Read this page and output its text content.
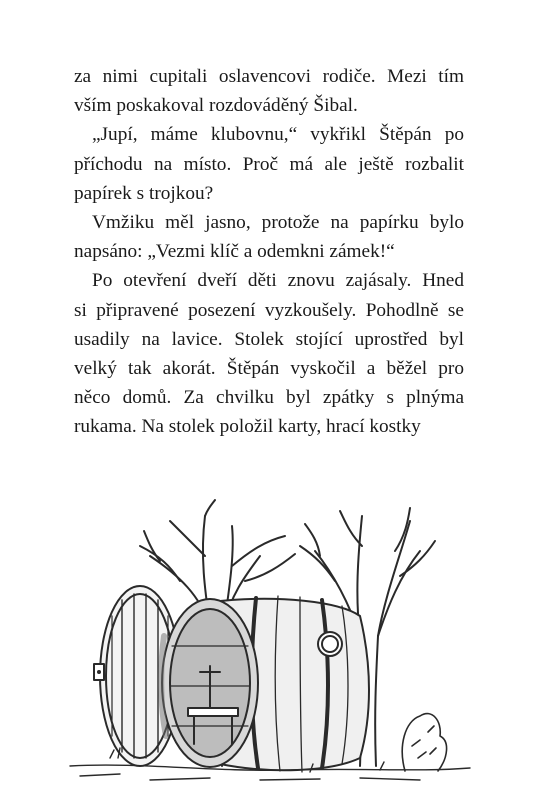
za nimi cupitali oslavencovi rodiče. Mezi tím
vším poskakoval rozdováděný Šibal.
„Jupí, máme klubovnu,“ vykřikl Štěpán po
příchodu na místo. Proč má ale ještě rozbalit
papírek s trojkou?
Vmžiku měl jasno, protože na papírku bylo
napsáno: „Vezmi klíč a odemkni zámek!“
Po otevření dveří děti znovu zajásaly. Hned
si připravené posezení vyzkoušely. Pohodlně se
usadily na lavice. Stolek stojící uprostřed byl
velký tak akorát. Štěpán vyskočil a běžel pro
něco domů. Za chvilku byl zpátky s plnýma
rukama. Na stolek položil karty, hrací kostky
